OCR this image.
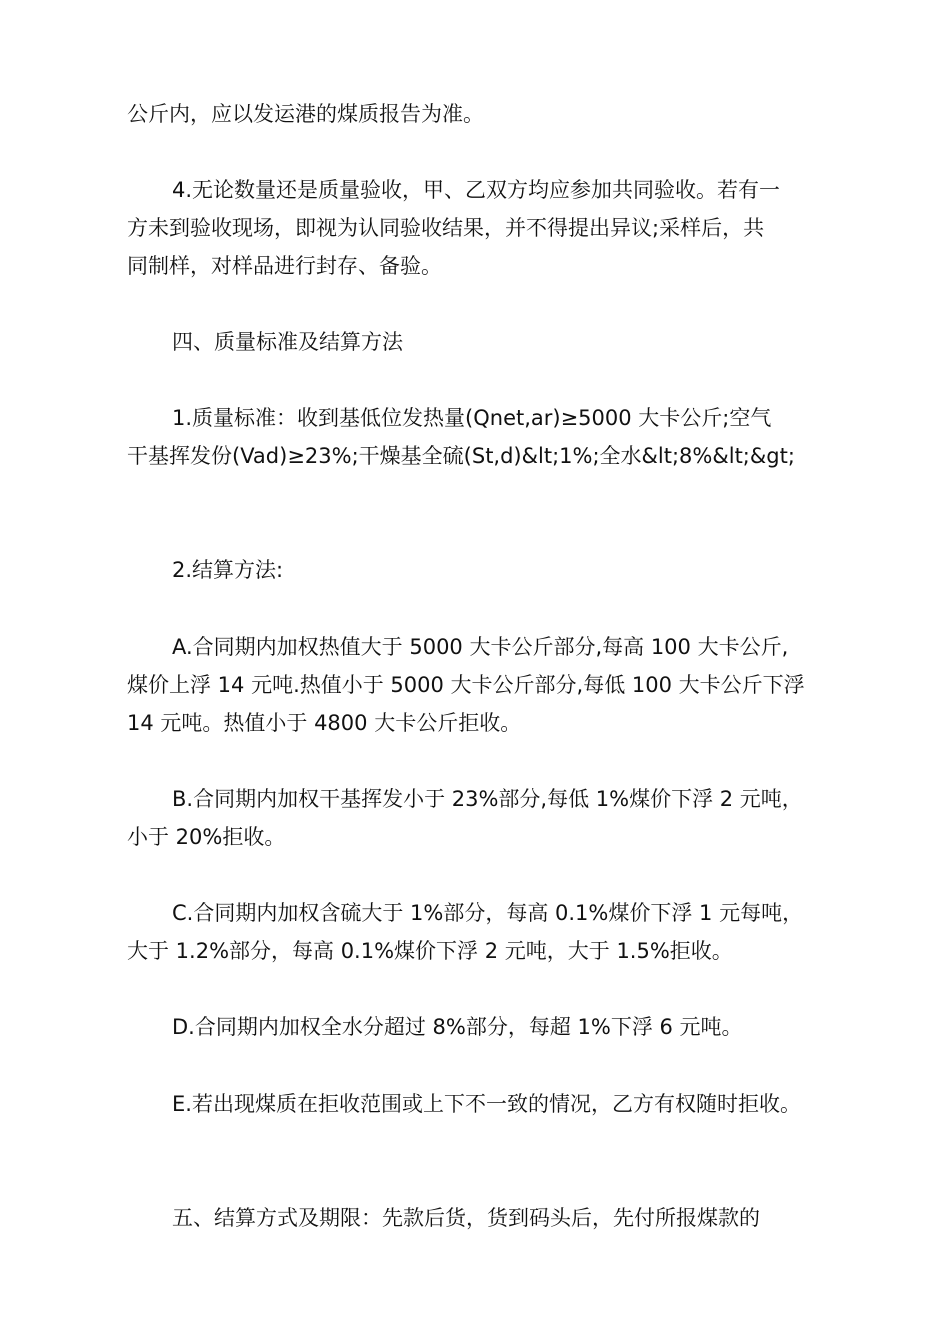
公斤内，应以发运港的煤质报告为准。
4.无论数量还是质量验收，甲、乙双方均应参加共同验收。若有一
方未到验收现场，即视为认同验收结果，并不得提出异议;采样后，共
同制样，对样品进行封存、备验。
四、质量标准及结算方法
1.质量标准：收到基低位发热量(Qnet,ar)≥5000 大卡公斤;空气
干基挥发份(Vad)≥23%;干燥基全硫(St,d)&lt;1%;全水&lt;8%&lt;&gt;
2.结算方法:
A.合同期内加权热值大于 5000 大卡公斤部分,每高 100 大卡公斤,
煤价上浮 14 元吨.热值小于 5000 大卡公斤部分,每低 100 大卡公斤下浮
14 元吨。热值小于 4800 大卡公斤拒收。
B.合同期内加权干基挥发小于 23%部分,每低 1%煤价下浮 2 元吨，
小于 20%拒收。
C.合同期内加权含硫大于 1%部分，每高 0.1%煤价下浮 1 元每吨，
大于 1.2%部分，每高 0.1%煤价下浮 2 元吨，大于 1.5%拒收。
D.合同期内加权全水分超过 8%部分，每超 1%下浮 6 元吨。
E.若出现煤质在拒收范围或上下不一致的情况，乙方有权随时拒收。
五、结算方式及期限：先款后货，货到码头后，先付所报煤款的
